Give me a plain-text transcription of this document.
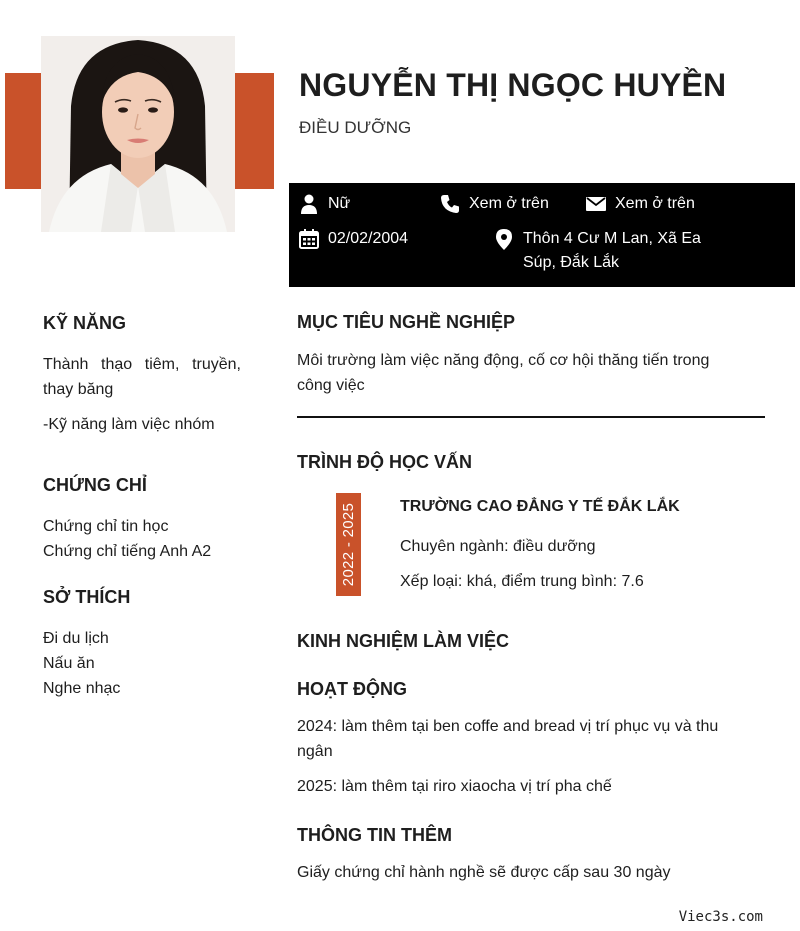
NGUYỄN THỊ NGỌC HUYỀN
ĐIỀU DƯỠNG
Nữ	Xem ở trên	Xem ở trên
02/02/2004	Thôn 4 Cư M Lan, Xã Ea
Súp, Đắk Lắk
KỸ NĂNG

Thành thạo tiêm, truyền, thay băng

-Kỹ năng làm việc nhóm

CHỨNG CHỈ

Chứng chỉ tin học

Chứng chỉ tiếng Anh A2

SỞ THÍCH

Đi du lịch

Nấu ăn

Nghe nhạc

MỤC TIÊU NGHỀ NGHIỆP
Môi trường làm việc năng động, cố cơ hội thăng tiến trong công việc
TRÌNH ĐỘ HỌC VẤN
2022 - 2025	TRƯỜNG CAO ĐẲNG Y TẾ ĐẮK LẮK
Chuyên ngành: điều dưỡng
Xếp loại: khá, điểm trung bình: 7.6
KINH NGHIỆM LÀM VIỆC
HOẠT ĐỘNG

2024: làm thêm tại ben coffe and bread vị trí phục vụ và thu ngân

2025: làm thêm tại riro xiaocha vị trí pha chế

THÔNG TIN THÊM
Giấy chứng chỉ hành nghề sẽ được cấp sau 30 ngày
Viec3s.com
